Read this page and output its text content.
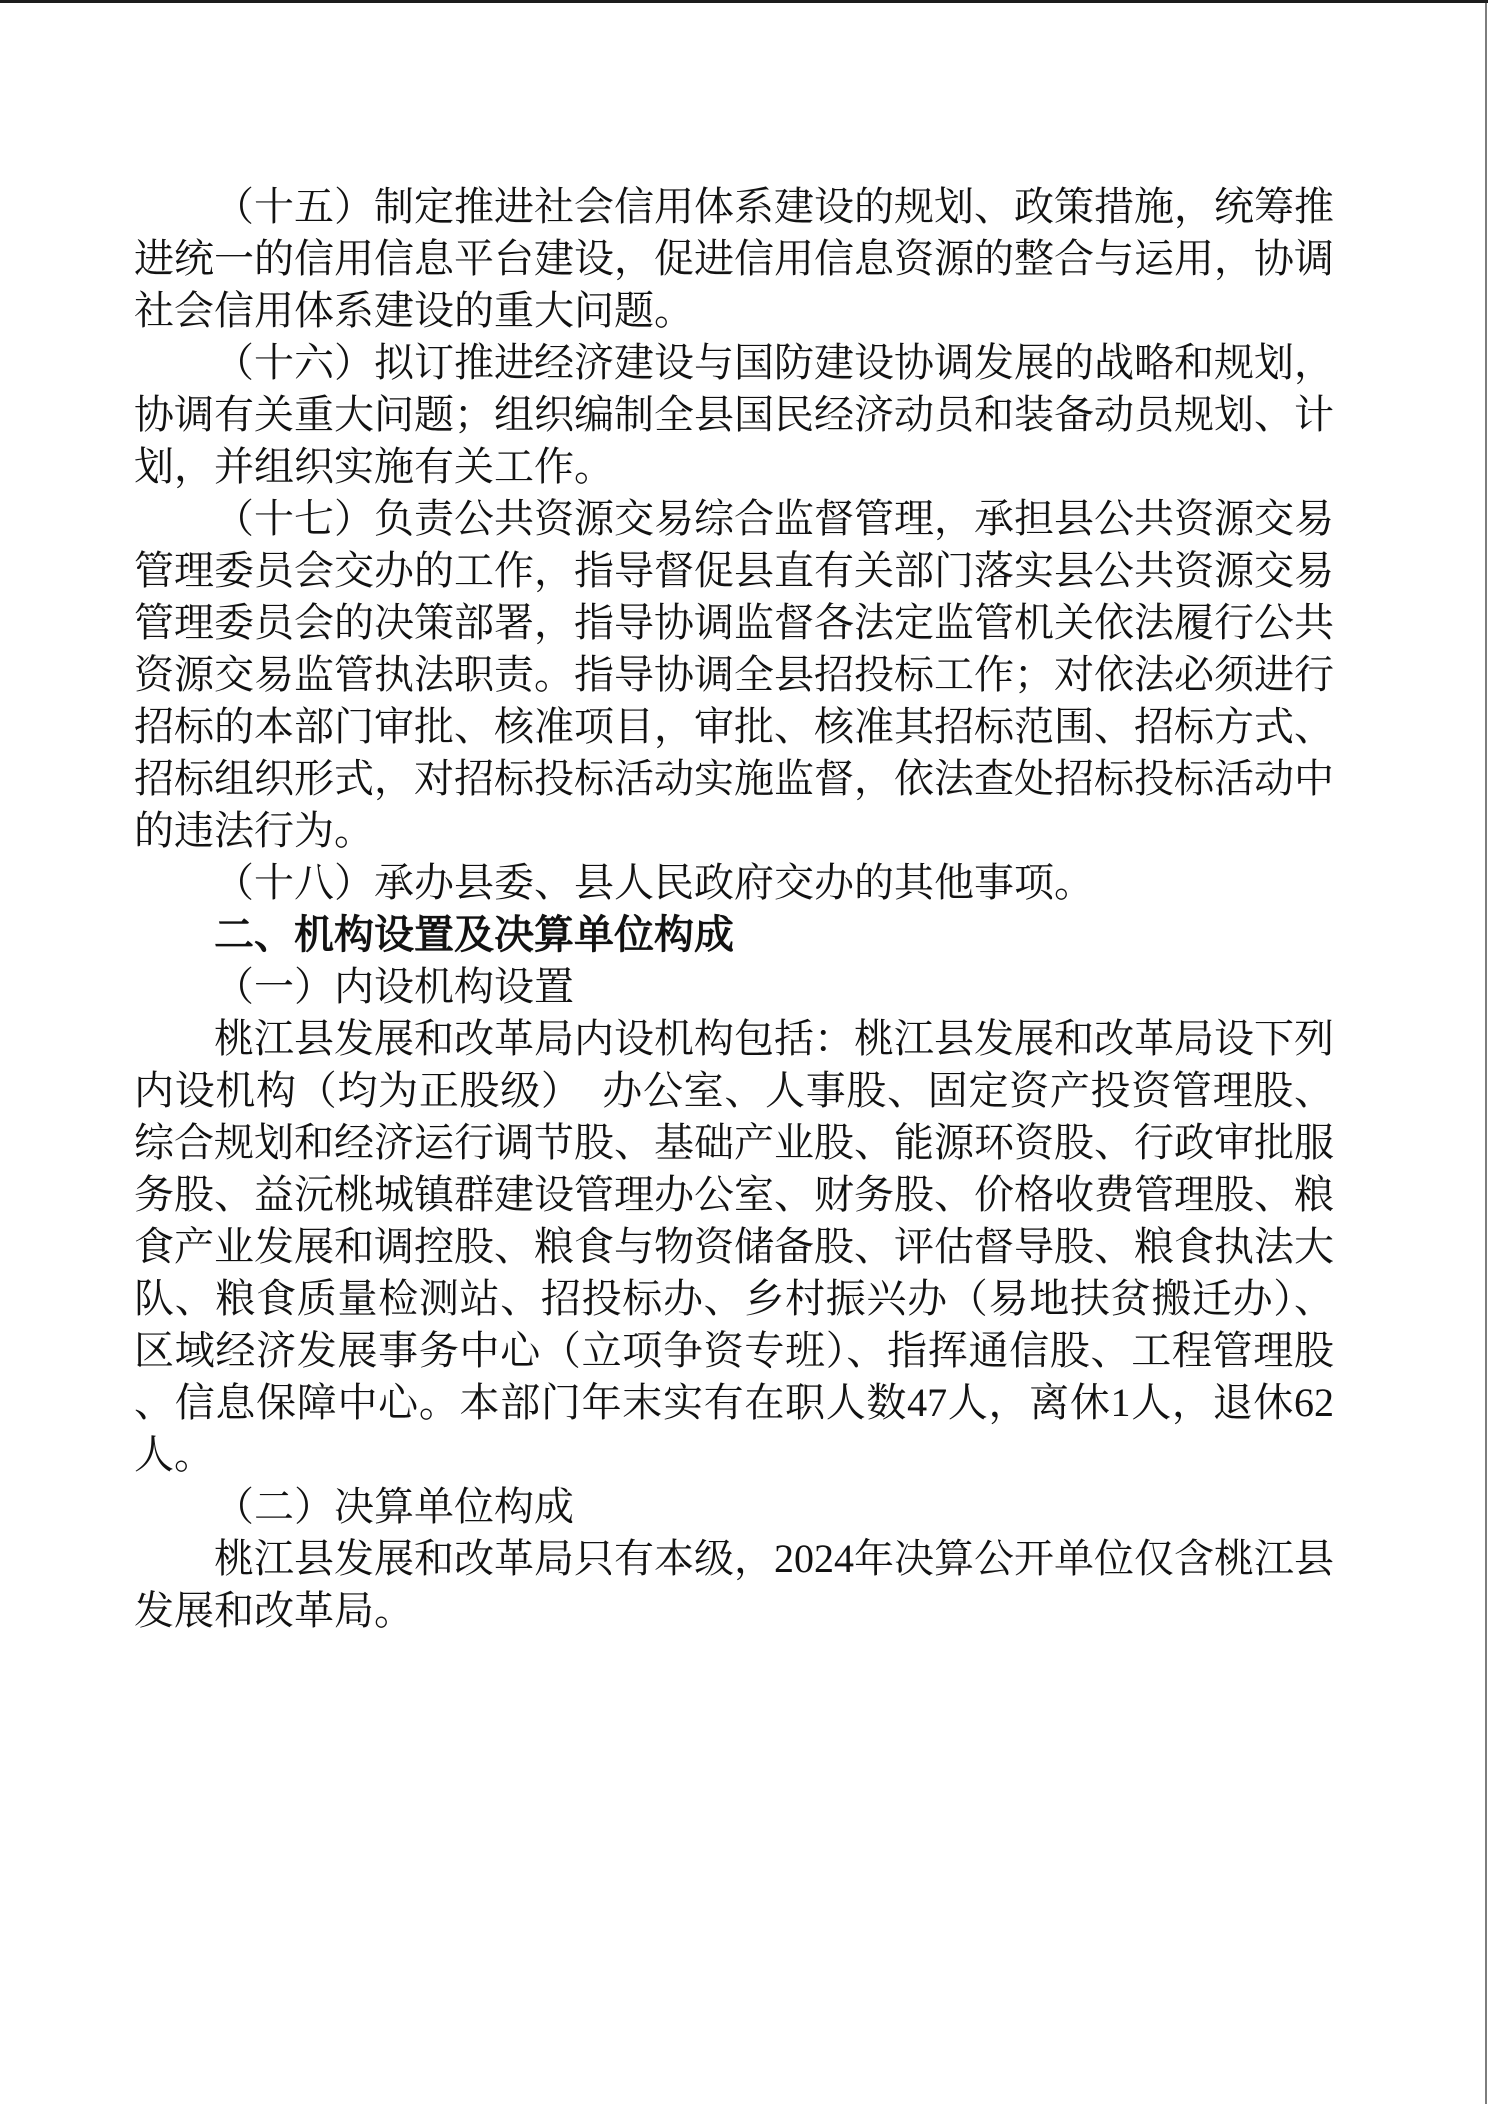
（十五）制定推进社会信用体系建设的规划、政策措施，统筹推
进统一的信用信息平台建设，促进信用信息资源的整合与运用，协调
社会信用体系建设的重大问题。
（十六）拟订推进经济建设与国防建设协调发展的战略和规划，
协调有关重大问题；组织编制全县国民经济动员和装备动员规划、计
划，并组织实施有关工作。
（十七）负责公共资源交易综合监督管理，承担县公共资源交易
管理委员会交办的工作，指导督促县直有关部门落实县公共资源交易
管理委员会的决策部署，指导协调监督各法定监管机关依法履行公共
资源交易监管执法职责。指导协调全县招投标工作；对依法必须进行
招标的本部门审批、核准项目，审批、核准其招标范围、招标方式、
招标组织形式，对招标投标活动实施监督，依法查处招标投标活动中
的违法行为。
（十八）承办县委、县人民政府交办的其他事项。
二、机构设置及决算单位构成
（一）内设机构设置
桃江县发展和改革局内设机构包括：桃江县发展和改革局设下列
内设机构（均为正股级）　办公室、人事股、固定资产投资管理股、
综合规划和经济运行调节股、基础产业股、能源环资股、行政审批服
务股、益沅桃城镇群建设管理办公室、财务股、价格收费管理股、粮
食产业发展和调控股、粮食与物资储备股、评估督导股、粮食执法大
队、粮食质量检测站、招投标办、乡村振兴办（易地扶贫搬迁办）、
区域经济发展事务中心（立项争资专班）、指挥通信股、工程管理股
、信息保障中心。本部门年末实有在职人数47人，离休1人，退休62
人。
（二）决算单位构成
桃江县发展和改革局只有本级，2024年决算公开单位仅含桃江县
发展和改革局。
